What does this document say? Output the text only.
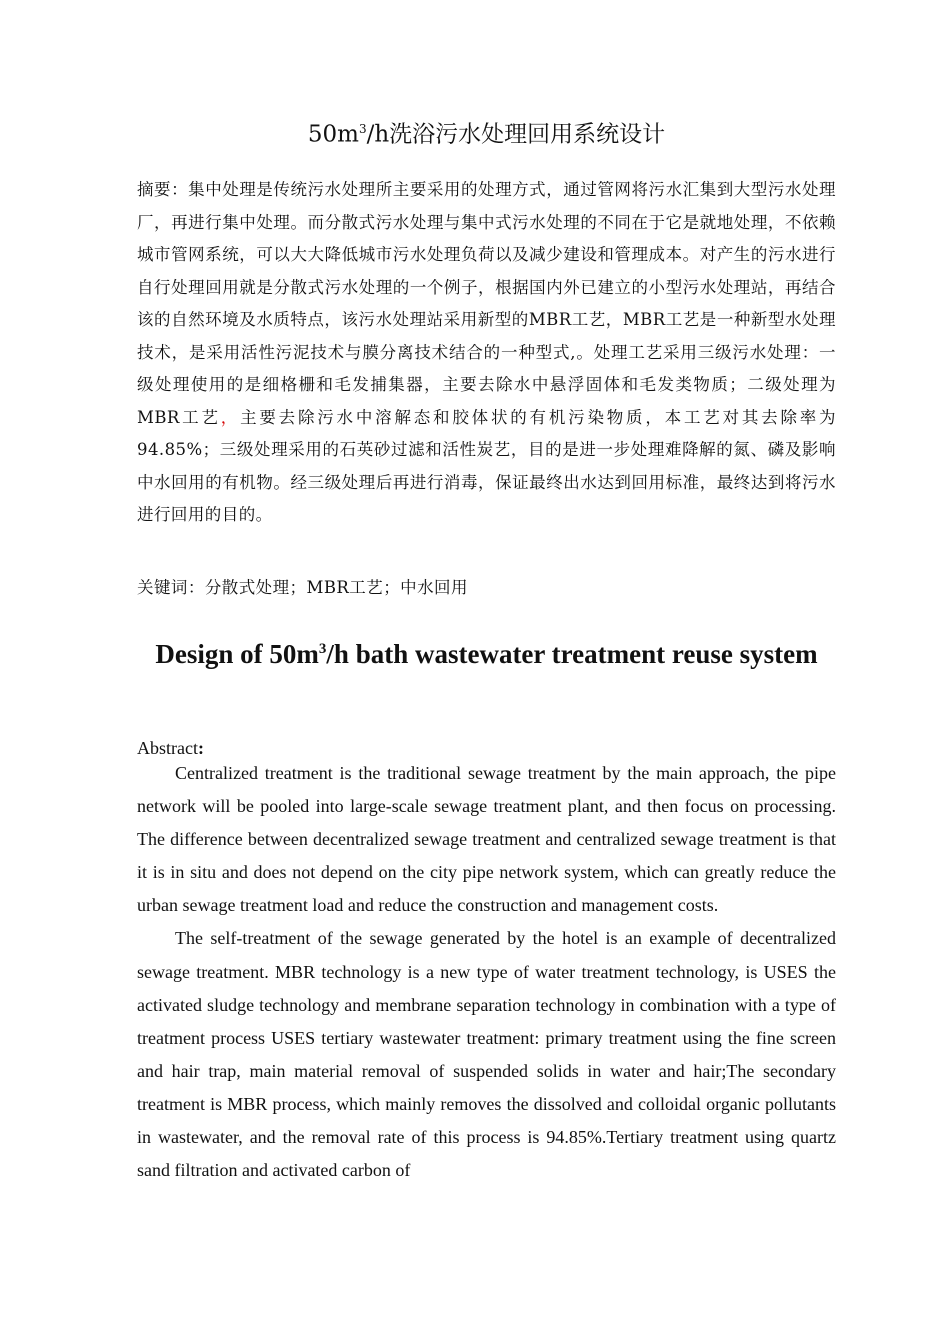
$50m^3/h$洗浴污水处理回用系统设计
摘要：集中处理是传统污水处理所主要采用的处理方式，通过管网将污水汇集到大型污水处理厂，再进行集中处理。而分散式污水处理与集中式污水处理的不同在于它是就地处理，不依赖城市管网系统，可以大大降低城市污水处理负荷以及减少建设和管理成本。对产生的污水进行自行处理回用就是分散式污水处理的一个例子，根据国内外已建立的小型污水处理站，再结合该的自然环境及水质特点，该污水处理站采用新型的MBR工艺，MBR工艺是一种新型水处理技术，是采用活性污泥技术与膜分离技术结合的一种型式,。处理工艺采用三级污水处理：一级处理使用的是细格栅和毛发捕集器，主要去除水中悬浮固体和毛发类物质；二级处理为MBR工艺，主要去除污水中溶解态和胶体状的有机污染物质，本工艺对其去除率为94.85%；三级处理采用的石英砂过滤和活性炭艺，目的是进一步处理难降解的氮、磷及影响中水回用的有机物。经三级处理后再进行消毒，保证最终出水达到回用标准，最终达到将污水进行回用的目的。
关键词：分散式处理；MBR工艺；中水回用
Design of $50m^3/h$ bath wastewater treatment reuse system
Abstract:

Centralized treatment is the traditional sewage treatment by the main approach, the pipe network will be pooled into large-scale sewage treatment plant, and then focus on processing. The difference between decentralized sewage treatment and centralized sewage treatment is that it is in situ and does not depend on the city pipe network system, which can greatly reduce the urban sewage treatment load and reduce the construction and management costs.

The self-treatment of the sewage generated by the hotel is an example of decentralized sewage treatment. MBR technology is a new type of water treatment technology, is USES the activated sludge technology and membrane separation technology in combination with a type of treatment process USES tertiary wastewater treatment: primary treatment using the fine screen and hair trap, main material removal of suspended solids in water and hair;The secondary treatment is MBR process, which mainly removes the dissolved and colloidal organic pollutants in wastewater, and the removal rate of this process is 94.85%.Tertiary treatment using quartz sand filtration and activated carbon of
